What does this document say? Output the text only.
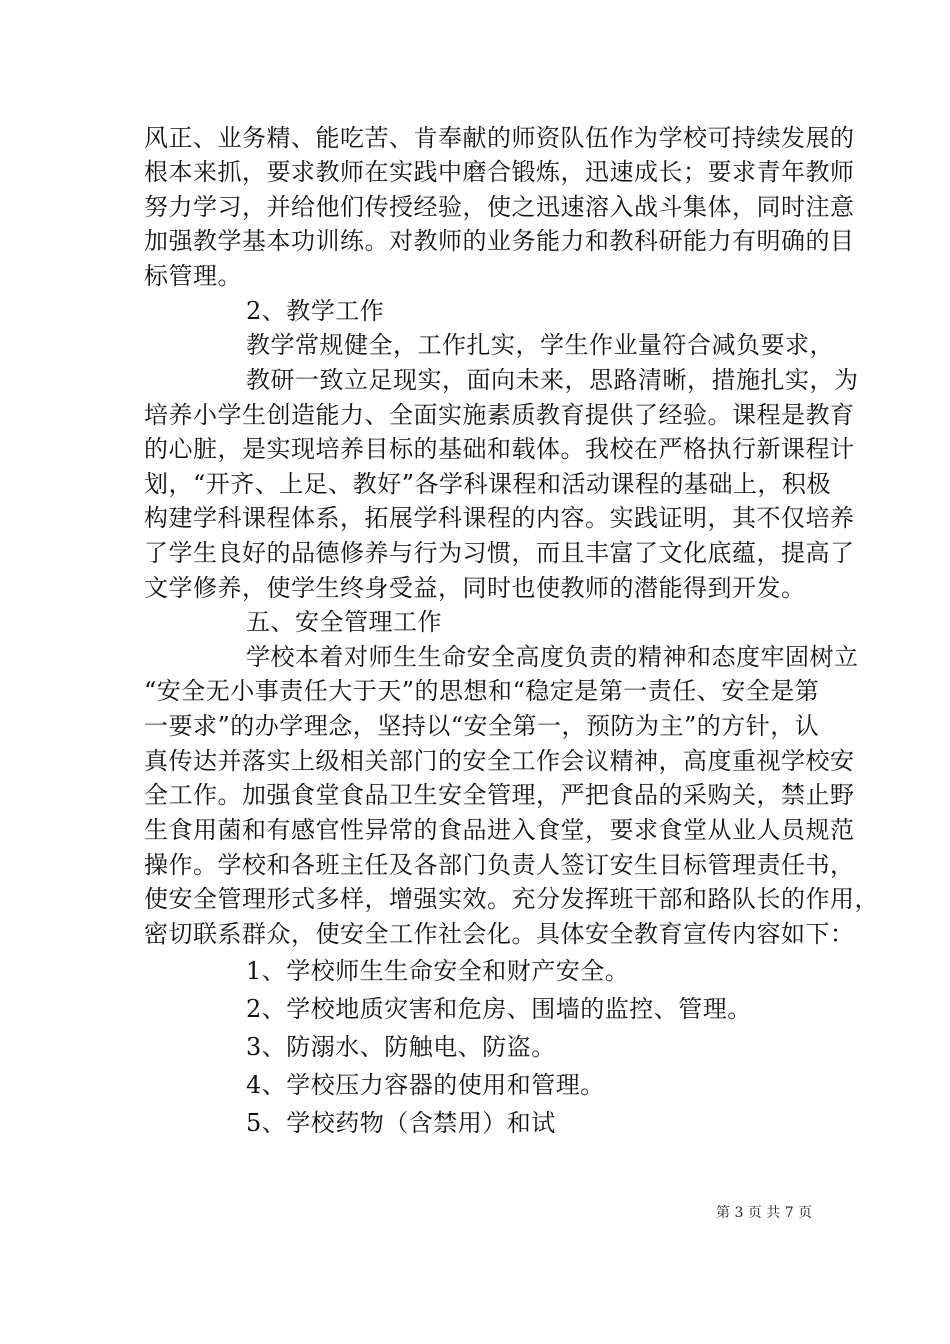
风正、业务精、能吃苦、肯奉献的师资队伍作为学校可持续发展的
根本来抓，要求教师在实践中磨合锻炼，迅速成长；要求青年教师
努力学习，并给他们传授经验，使之迅速溶入战斗集体，同时注意
加强教学基本功训练。对教师的业务能力和教科研能力有明确的目
标管理。
2、教学工作
教学常规健全，工作扎实，学生作业量符合减负要求，
教研一致立足现实，面向未来，思路清晰，措施扎实，为
培养小学生创造能力、全面实施素质教育提供了经验。课程是教育
的心脏，是实现培养目标的基础和载体。我校在严格执行新课程计
划，“开齐、上足、教好”各学科课程和活动课程的基础上，积极
构建学科课程体系，拓展学科课程的内容。实践证明，其不仅培养
了学生良好的品德修养与行为习惯，而且丰富了文化底蕴，提高了
文学修养，使学生终身受益，同时也使教师的潜能得到开发。
五、安全管理工作
学校本着对师生生命安全高度负责的精神和态度牢固树立
“安全无小事责任大于天”的思想和“稳定是第一责任、安全是第
一要求”的办学理念，坚持以“安全第一，预防为主”的方针，认
真传达并落实上级相关部门的安全工作会议精神，高度重视学校安
全工作。加强食堂食品卫生安全管理，严把食品的采购关，禁止野
生食用菌和有感官性异常的食品进入食堂，要求食堂从业人员规范
操作。学校和各班主任及各部门负责人签订安生目标管理责任书，
使安全管理形式多样，增强实效。充分发挥班干部和路队长的作用，
密切联系群众，使安全工作社会化。具体安全教育宣传内容如下：
1、学校师生生命安全和财产安全。
2、学校地质灾害和危房、围墙的监控、管理。
3、防溺水、防触电、防盗。
4、学校压力容器的使用和管理。
5、学校药物（含禁用）和试
第 3 页 共 7 页
